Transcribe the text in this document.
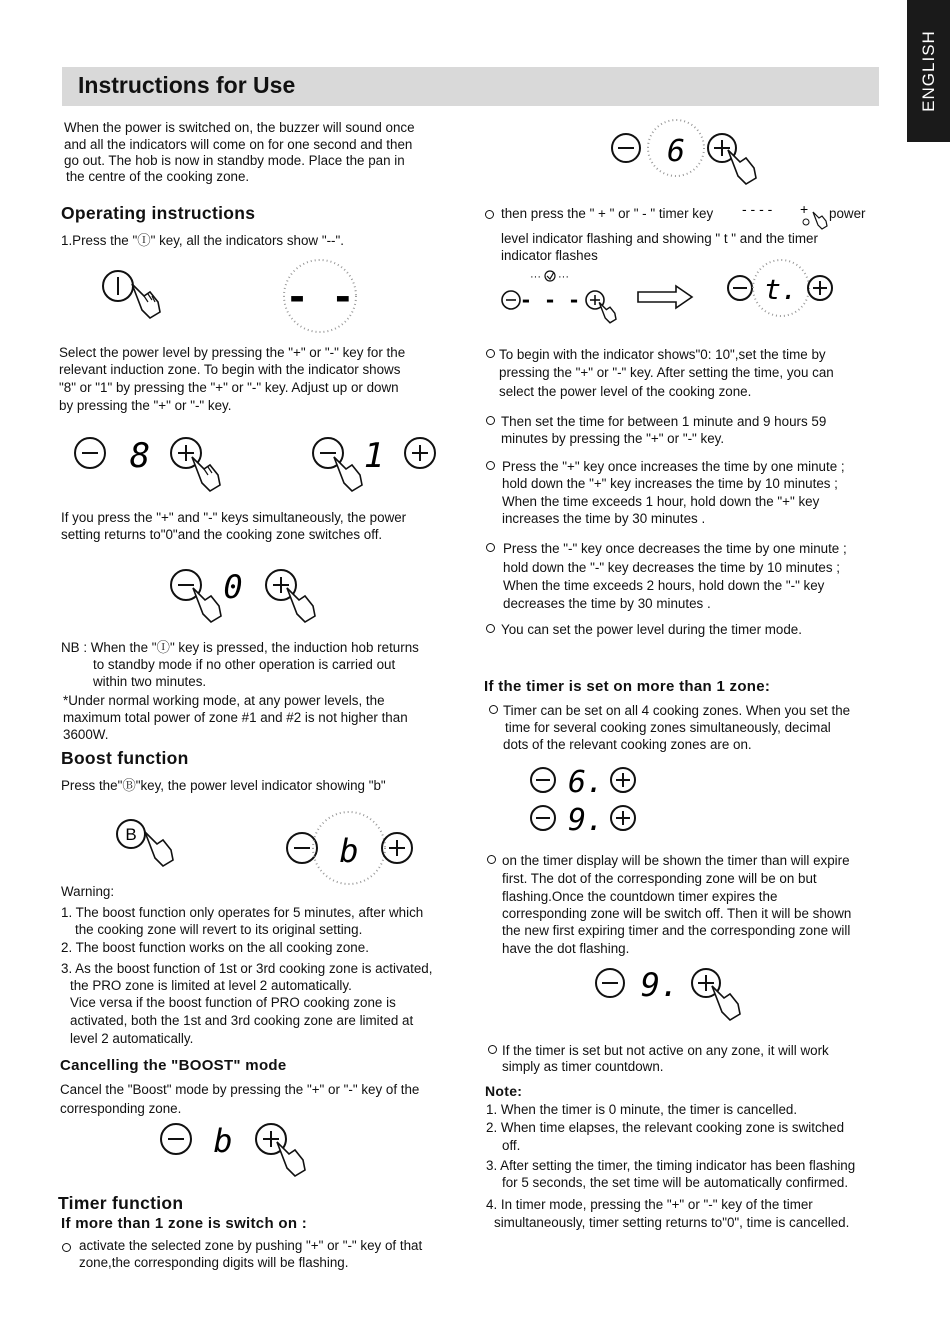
ENGLISH
Instructions for Use
When the power is switched on, the buzzer will sound once
and all the indicators will come on for one second and then
go out. The hob is now in standby mode. Place the pan in
the centre of the cooking zone.
Operating instructions
1.Press the "Ⓘ" key, all the indicators show "--".
- -
Select the power level by pressing the "+" or "-" key for the
relevant induction zone. To begin with the indicator shows
"8" or "1" by pressing the "+" or "-" key. Adjust up or down
by pressing the "+" or "-" key.
8	1
If you press the "+" and "-" keys simultaneously, the power
setting returns to"0"and the cooking zone switches off.
0
NB : When the "Ⓘ" key is pressed, the induction hob returns
to standby mode if no other operation is carried out
within two minutes.
*Under normal working mode, at any power levels, the
maximum total power of zone #1 and #2 is not higher than
3600W.
Boost function
Press the"Ⓑ"key, the power level indicator showing "b"
B	b
Warning:
1. The boost function only operates for 5 minutes, after which
the cooking zone will revert to its original setting.
2. The boost function works on the all cooking zone.
3. As the boost function of 1st or 3rd cooking zone is activated,
the PRO zone is limited at level 2 automatically.
Vice versa if the boost function of PRO cooking zone is
activated, both the 1st and 3rd cooking zone are limited at
level 2 automatically.
Cancelling the "BOOST" mode
Cancel the "Boost" mode by pressing the "+" or "-" key of the
corresponding zone.
b
Timer function
If more than 1 zone is switch on :
activate the selected zone by pushing "+" or "-" key of that
zone,the corresponding digits will be flashing.
6
then press the " + " or " - " timer key - - - - + power
level indicator flashing and showing " t " and the timer
indicator flashes
··· ···
- - -	t.
To begin with the indicator shows"0: 10",set the time by
pressing the "+" or "-" key. After setting the time, you can
select the power level of the cooking zone.
Then set the time for between 1 minute and 9 hours 59
minutes by pressing the "+" or "-" key.
Press the "+" key once increases the time by one minute ;
hold down the "+" key increases the time by 10 minutes ;
When the time exceeds 1 hour, hold down the "+" key
increases the time by 30 minutes .
Press the "-" key once decreases the time by one minute ;
hold down the "-" key decreases the time by 10 minutes ;
When the time exceeds 2 hours, hold down the "-" key
decreases the time by 30 minutes .
You can set the power level during the timer mode.
If the timer is set on more than 1 zone:
Timer can be set on all 4 cooking zones. When you set the
time for several cooking zones simultaneously, decimal
dots of the relevant cooking zones are on.
6.
9.
on the timer display will be shown the timer than will expire
first. The dot of the corresponding zone will be on but
flashing.Once the countdown timer expires the
corresponding zone will be switch off. Then it will be shown
the new first expiring timer and the corresponding zone will
have the dot flashing.
9.
If the timer is set but not active on any zone, it will work
simply as timer countdown.
Note:
1. When the timer is 0 minute, the timer is cancelled.
2. When time elapses, the relevant cooking zone is switched
off.
3. After setting the timer, the timing indicator has been flashing
for 5 seconds, the set time will be automatically confirmed.
4. In timer mode, pressing the "+" or "-" key of the timer
simultaneously, timer setting returns to"0", time is cancelled.
